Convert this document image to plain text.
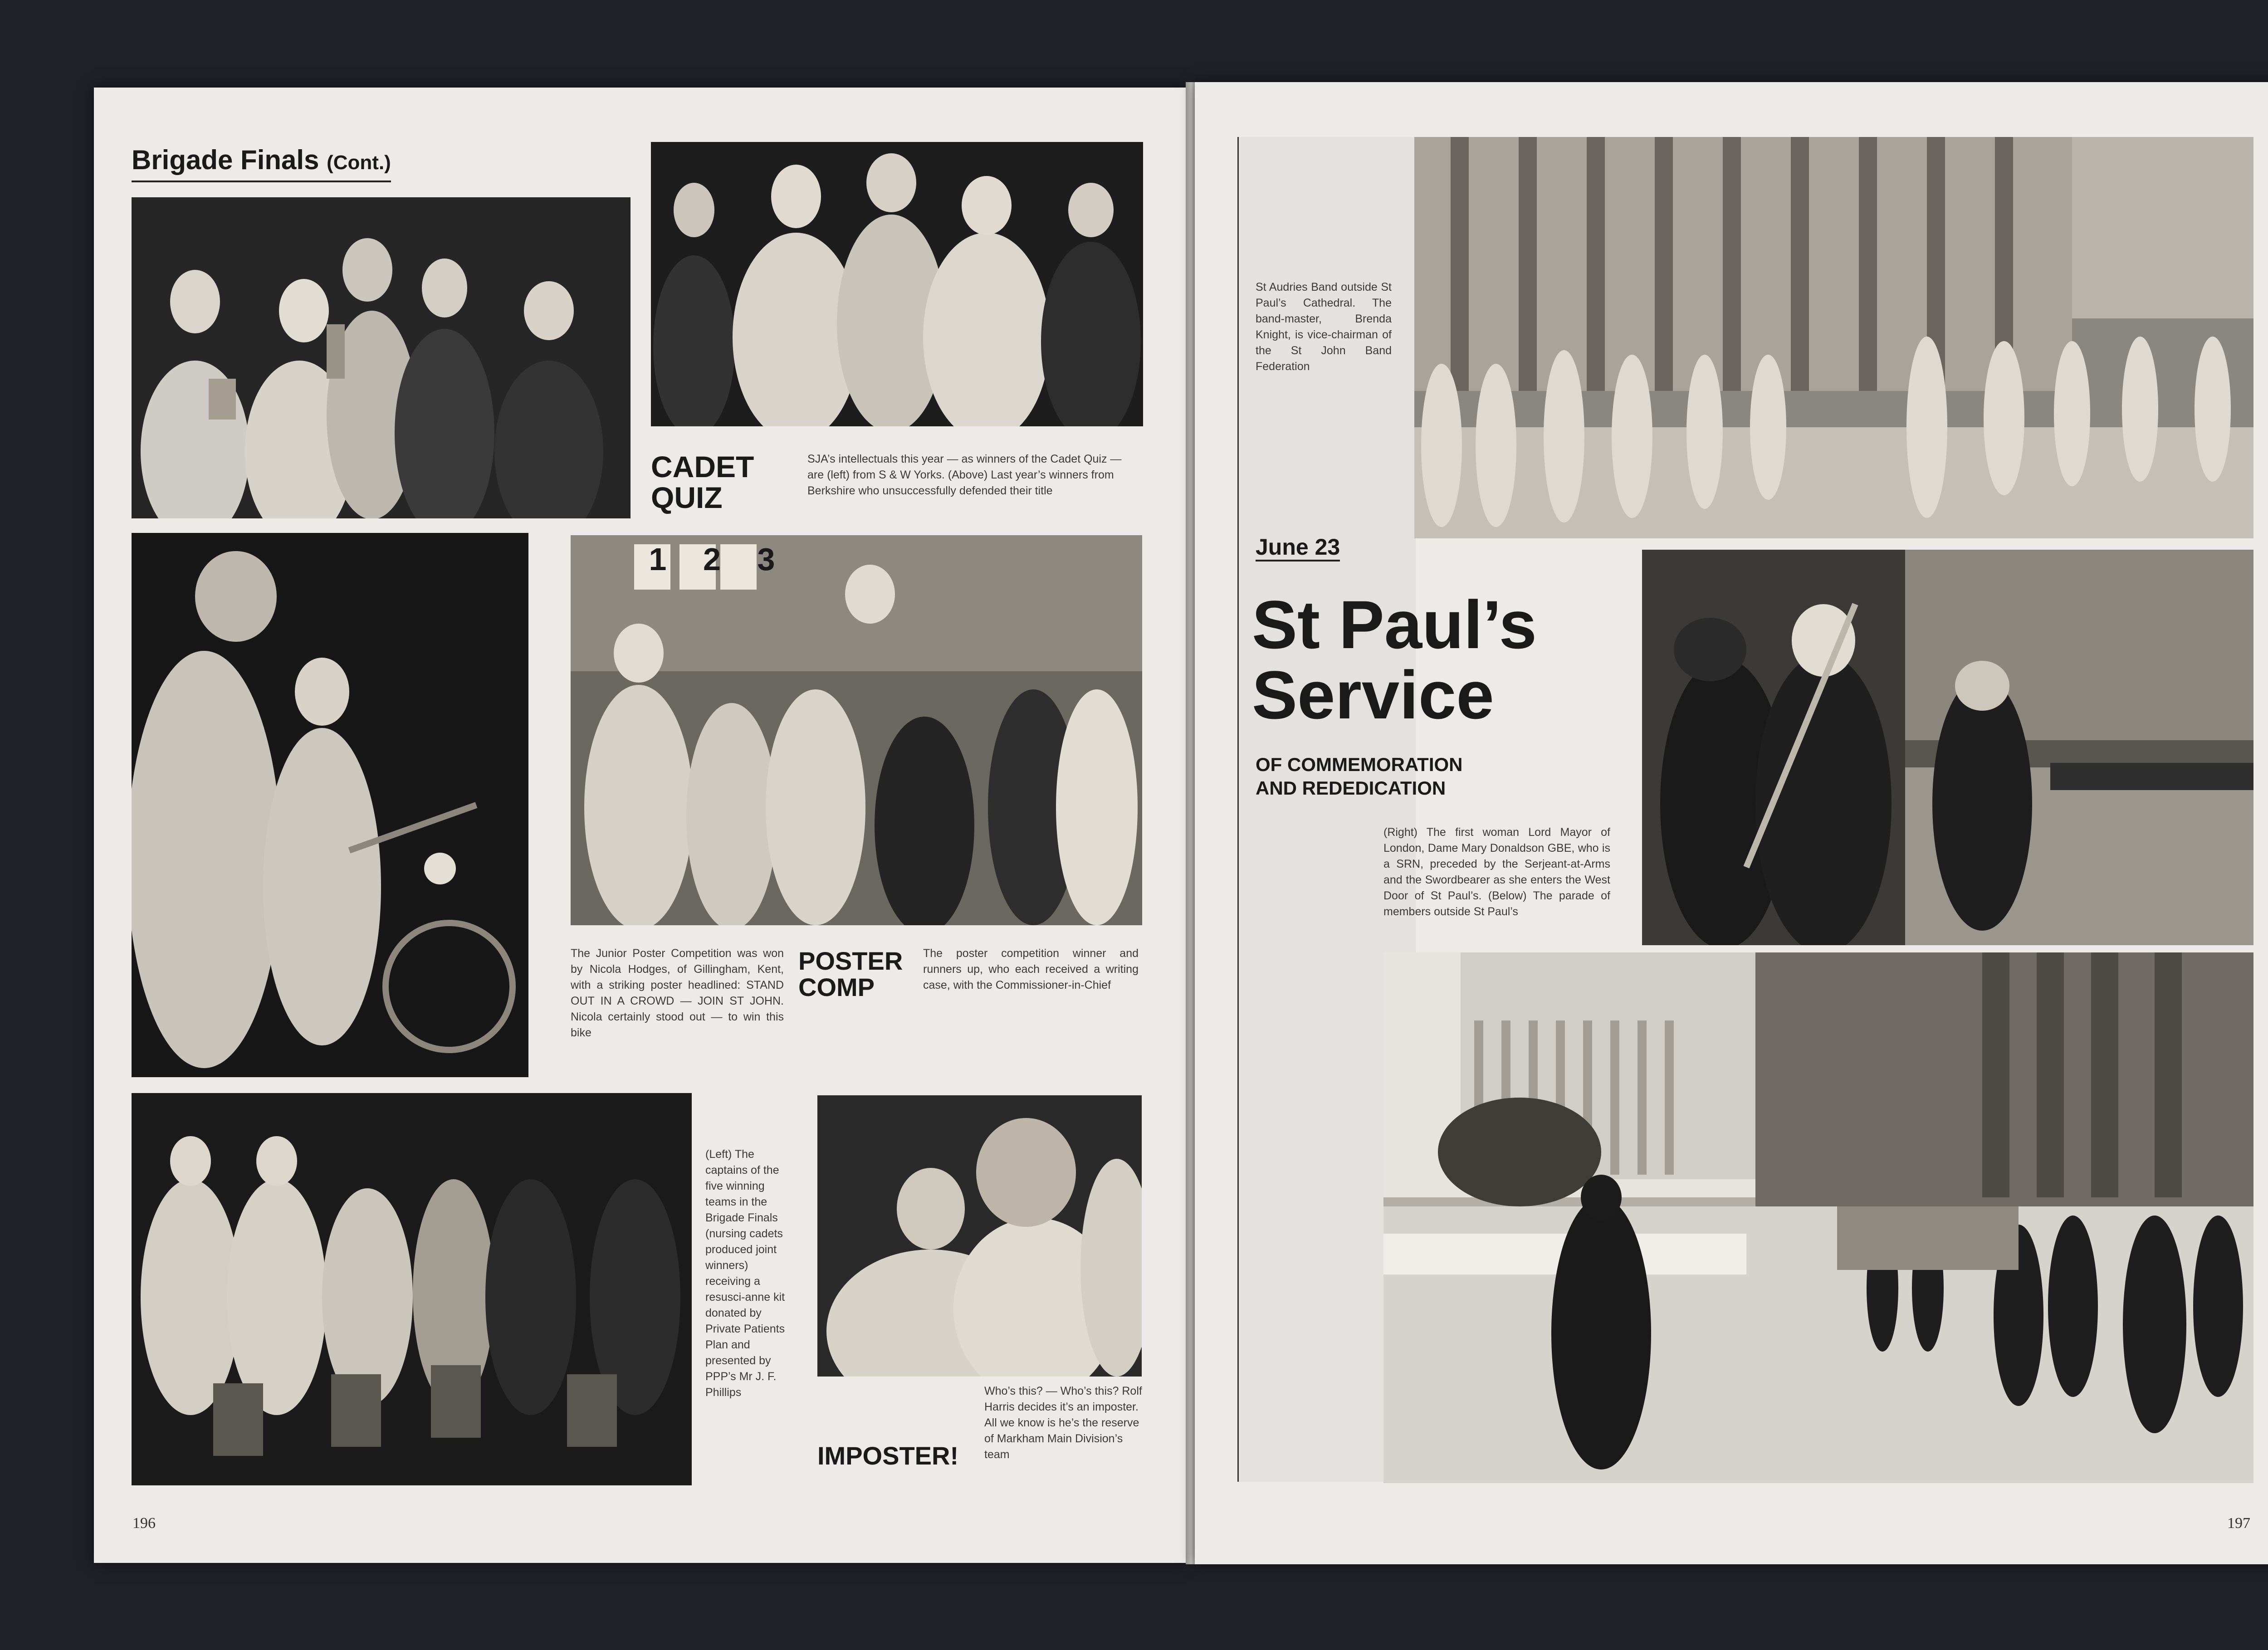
Brigade Finals (Cont.)
CADET
QUIZ

SJA’s intellectuals this year — as winners of the Cadet Quiz — are (left) from S & W Yorks. (Above) Last year’s winners from Berkshire who unsuccessfully defended their title

1 2 3

The Junior Poster Competition was won by Nicola Hodges, of Gillingham, Kent, with a striking poster headlined: STAND OUT IN A CROWD — JOIN ST JOHN. Nicola certainly stood out — to win this bike

POSTER
COMP

The poster competition winner and runners up, who each received a writing case, with the Commissioner-in-Chief

(Left) The captains of the five winning teams in the Brigade Finals (nursing cadets produced joint winners) receiving a resusci-anne kit donated by Private Patients Plan and presented by PPP’s Mr J. F. Phillips

IMPOSTER!

Who’s this? — Who’s this? Rolf Harris decides it’s an imposter. All we know is he’s the reserve of Markham Main Division’s team

196

St Audries Band outside St Paul’s Cathedral. The band-master, Brenda Knight, is vice-chairman of the St John Band Federation

June 23
St Paul’s
Service
OF COMMEMORATION
AND REDEDICATION

(Right) The first woman Lord Mayor of London, Dame Mary Donaldson GBE, who is a SRN, preceded by the Serjeant-at-Arms and the Swordbearer as she enters the West Door of St Paul’s. (Below) The parade of members outside St Paul’s

197
